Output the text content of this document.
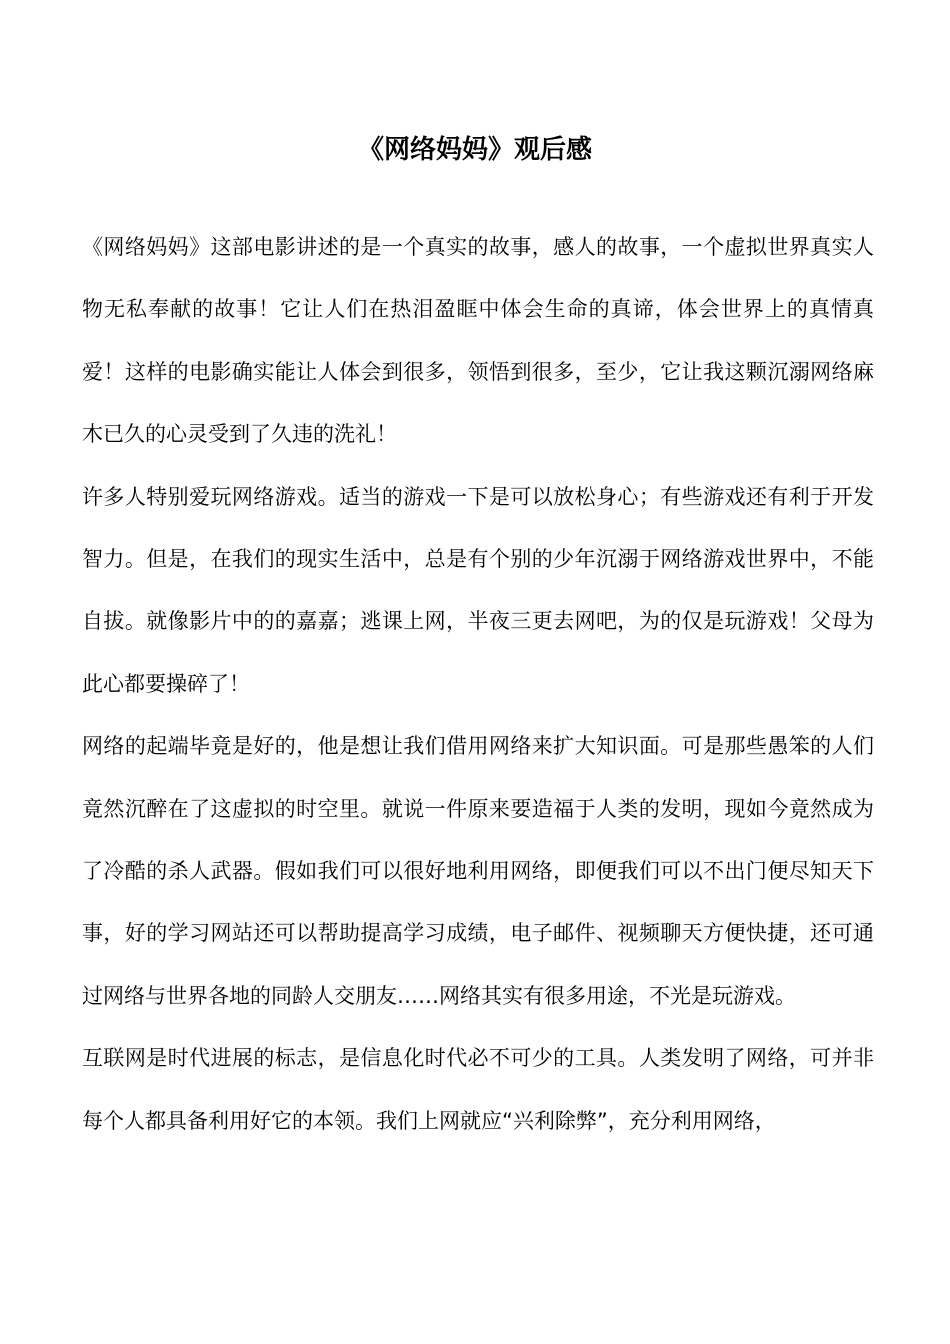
《网络妈妈》观后感

《网络妈妈》这部电影讲述的是一个真实的故事，感人的故事，一个虚拟世界真实人物无私奉献的故事！它让人们在热泪盈眶中体会生命的真谛，体会世界上的真情真爱！这样的电影确实能让人体会到很多，领悟到很多，至少，它让我这颗沉溺网络麻木已久的心灵受到了久违的洗礼！

许多人特别爱玩网络游戏。适当的游戏一下是可以放松身心；有些游戏还有利于开发智力。但是，在我们的现实生活中，总是有个别的少年沉溺于网络游戏世界中，不能自拔。就像影片中的的嘉嘉；逃课上网，半夜三更去网吧，为的仅是玩游戏！父母为此心都要操碎了！

网络的起端毕竟是好的，他是想让我们借用网络来扩大知识面。可是那些愚笨的人们竟然沉醉在了这虚拟的时空里。就说一件原来要造福于人类的发明，现如今竟然成为了冷酷的杀人武器。假如我们可以很好地利用网络，即便我们可以不出门便尽知天下事，好的学习网站还可以帮助提高学习成绩，电子邮件、视频聊天方便快捷，还可通过网络与世界各地的同龄人交朋友……网络其实有很多用途，不光是玩游戏。

互联网是时代进展的标志，是信息化时代必不可少的工具。人类发明了网络，可并非每个人都具备利用好它的本领。我们上网就应“兴利除弊”，充分利用网络，
